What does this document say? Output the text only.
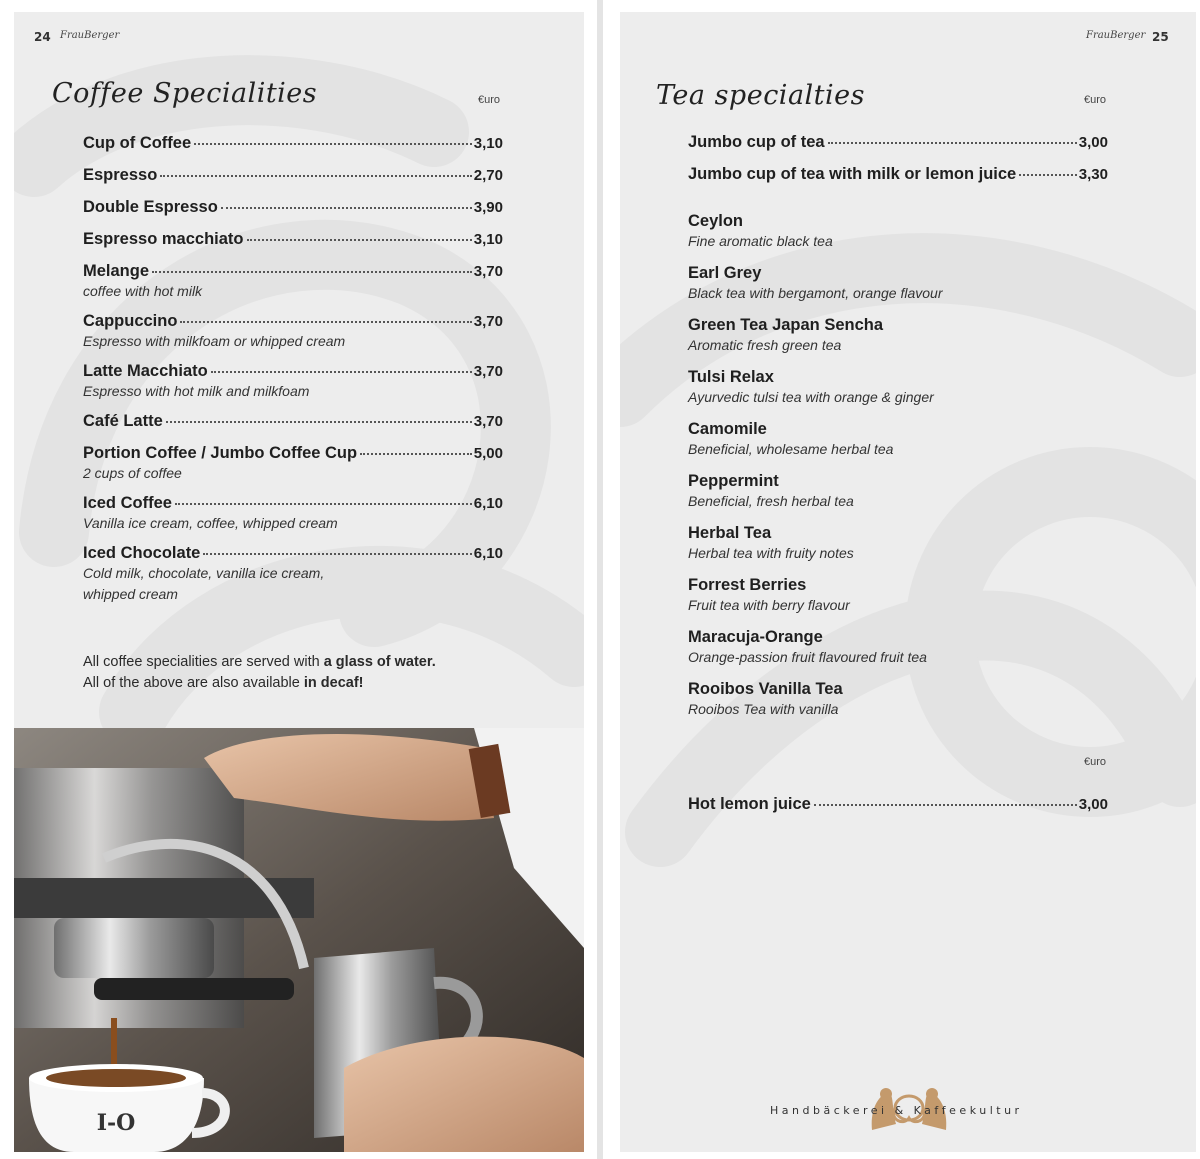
24 FrauBerger
Coffee Specialities	€uro
Cup of Coffee	3,10
Espresso	2,70
Double Espresso	3,90
Espresso macchiato	3,10
Melange	3,70
coffee with hot milk
Cappuccino	3,70
Espresso with milkfoam or whipped cream
Latte Macchiato	3,70
Espresso with hot milk and milkfoam
Café Latte	3,70
Portion Coffee / Jumbo Coffee Cup	5,00
2 cups of coffee
Iced Coffee	6,10
Vanilla ice cream, coffee, whipped cream
Iced Chocolate	6,10
Cold milk, chocolate, vanilla ice cream, whipped cream
All coffee specialities are served with a glass of water.
All of the above are also available in decaf!
I-O
FrauBerger 25
Tea specialties	€uro
Jumbo cup of tea	3,00
Jumbo cup of tea with milk or lemon juice	3,30
Ceylon
Fine aromatic black tea
Earl Grey
Black tea with bergamont, orange flavour
Green Tea Japan Sencha
Aromatic fresh green tea
Tulsi Relax
Ayurvedic tulsi tea with orange & ginger
Camomile
Beneficial, wholesame herbal tea
Peppermint
Beneficial, fresh herbal tea
Herbal Tea
Herbal tea with fruity notes
Forrest Berries
Fruit tea with berry flavour
Maracuja-Orange
Orange-passion fruit flavoured fruit tea
Rooibos Vanilla Tea
Rooibos Tea with vanilla
€uro
Hot lemon juice	3,00
Handbäckerei & Kaffeekultur
